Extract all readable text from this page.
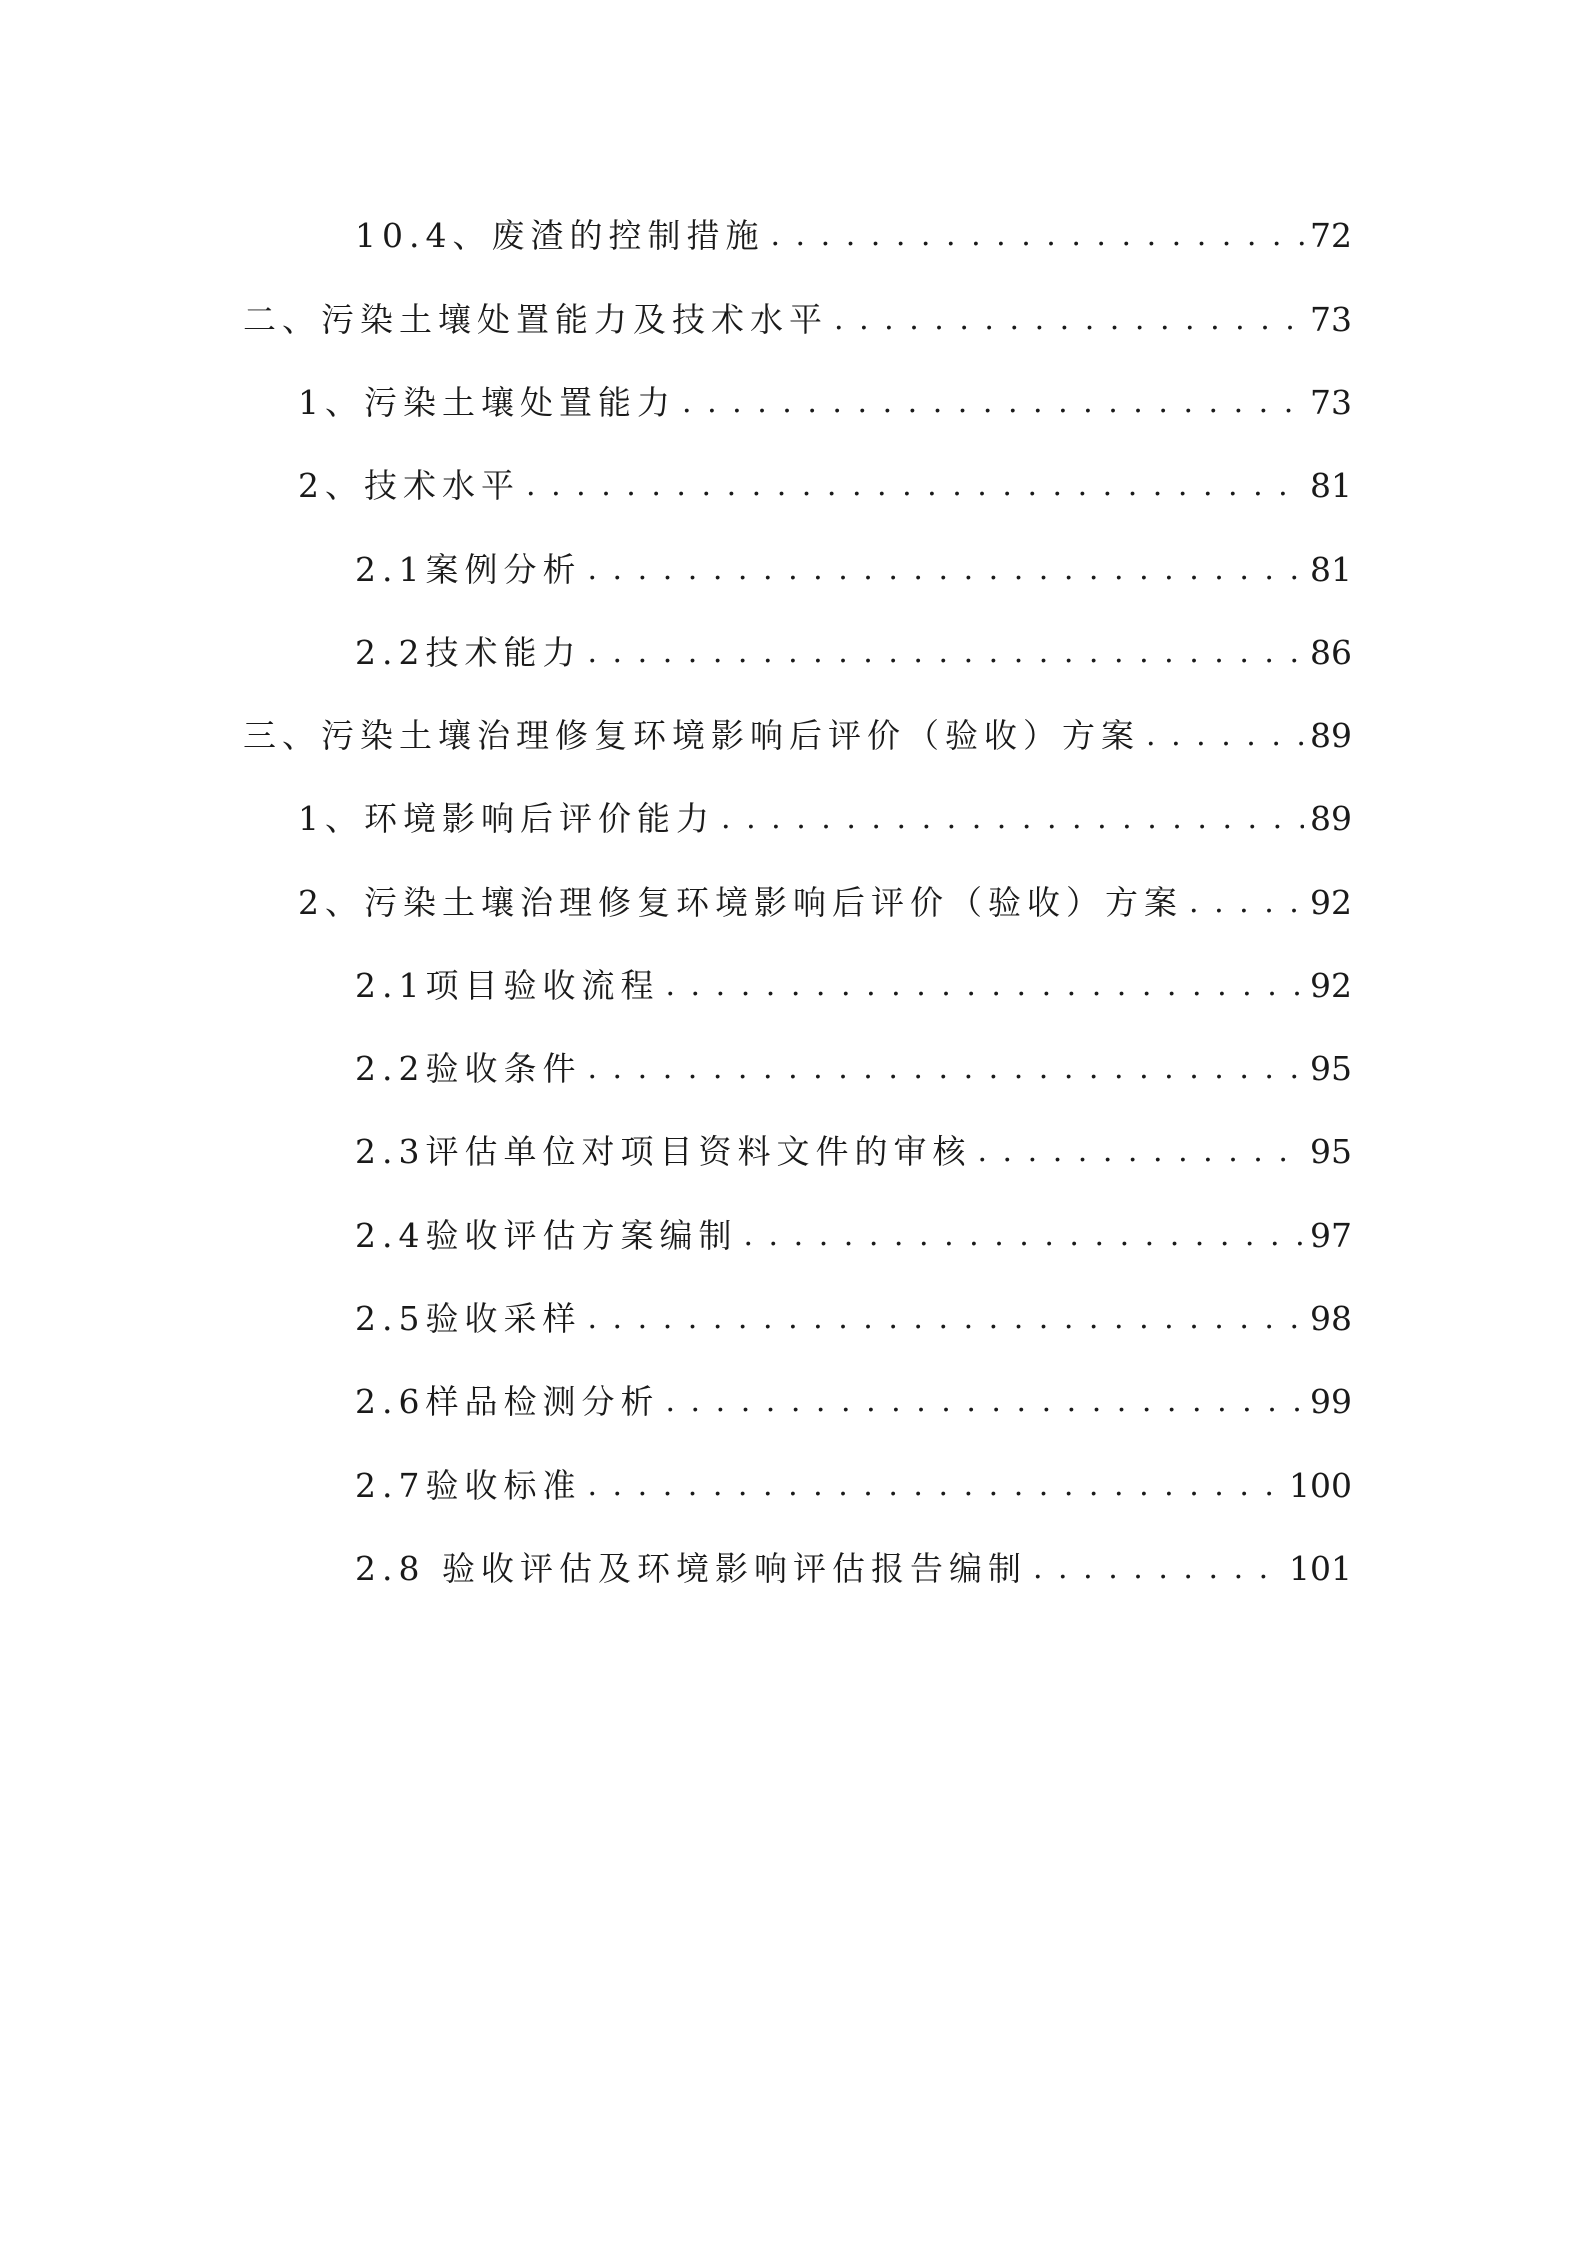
10.4、废渣的控制措施 . . .	72
二、污染土壤处置能力及技术水平 . . .	73
1、污染土壤处置能力 . . .	73
2、技术水平 . . .	81
2.1案例分析 . . .	81
2.2技术能力 . . .	86
三、污染土壤治理修复环境影响后评价（验收）方案 . . .	89
1、环境影响后评价能力 . . .	89
2、污染土壤治理修复环境影响后评价（验收）方案 . . .	92
2.1项目验收流程 . . .	92
2.2验收条件 . . .	95
2.3评估单位对项目资料文件的审核 . . .	95
2.4验收评估方案编制 . . .	97
2.5验收采样 . . .	98
2.6样品检测分析 . . .	99
2.7验收标准 . . .	100
2.8 验收评估及环境影响评估报告编制 . . .	101
